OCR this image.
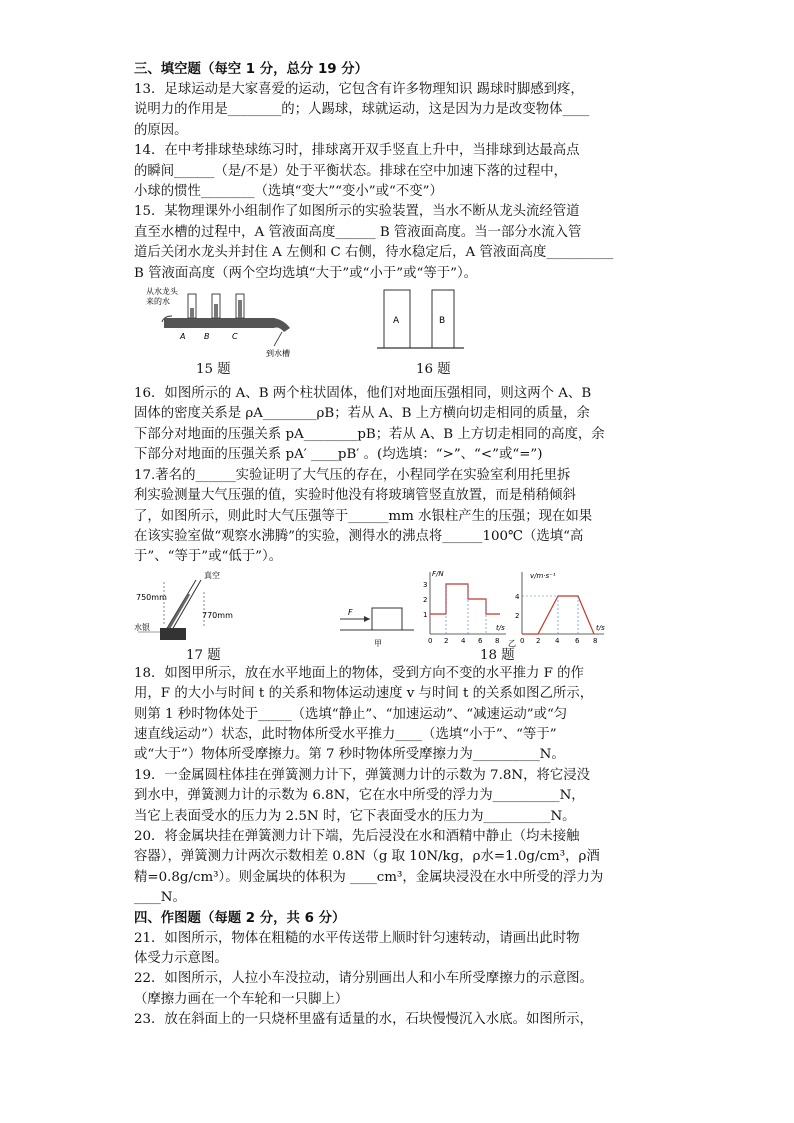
三、填空题（每空 1 分，总分 19 分）

13．足球运动是大家喜爱的运动，它包含有许多物理知识 踢球时脚感到疼，

说明力的作用是________的；人踢球，球就运动，这是因为力是改变物体____

的原因。

14．在中考排球垫球练习时，排球离开双手竖直上升中，当排球到达最高点

的瞬间______（是/不是）处于平衡状态。排球在空中加速下落的过程中，

小球的惯性________（选填“变大”“变小”或“不变”）

15．某物理课外小组制作了如图所示的实验装置，当水不断从龙头流经管道

直至水槽的过程中，A 管液面高度______ B 管液面高度。当一部分水流入管

道后关闭水龙头并封住 A 左侧和 C 右侧，待水稳定后，A 管液面高度__________

B 管液面高度（两个空均选填“大于”或“小于”或“等于”）。

从水龙头
来的水
A B	C
到水槽
A	B
15 题	16 题

16．如图所示的 A、B 两个柱状固体，他们对地面压强相同，则这两个 A、B

固体的密度关系是 ρA________ρB；若从 A、B 上方横向切走相同的质量，余

下部分对地面的压强关系 pA________pB；若从 A、B 上方切走相同的高度，余

下部分对地面的压强关系 pA′ ____pB′ 。(均选填：“>”、“<”或“=”)

17.著名的______实验证明了大气压的存在，小程同学在实验室利用托里拆

利实验测量大气压强的值，实验时他没有将玻璃管竖直放置，而是稍稍倾斜

了，如图所示，则此时大气压强等于______mm 水银柱产生的压强；现在如果

在该实验室做“观察水沸腾”的实验，测得水的沸点将______100℃（选填“高

于”、“等于”或“低于”）。

真空
750mm
770mm
水银
F
甲
F/N
t/s
1
2
3
0 2 4 6 8
v/m·s⁻¹
t/s
2
4
0 2 4 6 8
乙
17 题	18 题

18．如图甲所示，放在水平地面上的物体，受到方向不变的水平推力 F 的作

用，F 的大小与时间 t 的关系和物体运动速度 v 与时间 t 的关系如图乙所示，

则第 1 秒时物体处于_____（选填“静止”、“加速运动”、“减速运动”或“匀

速直线运动”）状态，此时物体所受水平推力____（选填“小于”、“等于”

或“大于”）物体所受摩擦力。第 7 秒时物体所受摩擦力为__________N。

19．一金属圆柱体挂在弹簧测力计下，弹簧测力计的示数为 7.8N，将它浸没

到水中，弹簧测力计的示数为 6.8N，它在水中所受的浮力为__________N，

当它上表面受水的压力为 2.5N 时，它下表面受水的压力为__________N。

20．将金属块挂在弹簧测力计下端，先后浸没在水和酒精中静止（均未接触

容器），弹簧测力计两次示数相差 0.8N（g 取 10N/kg，ρ水=1.0g/cm³，ρ酒

精=0.8g/cm³）。则金属块的体积为 ____cm³，金属块浸没在水中所受的浮力为

____N。

四、作图题（每题 2 分，共 6 分）

21．如图所示，物体在粗糙的水平传送带上顺时针匀速转动，请画出此时物

体受力示意图。

22．如图所示，人拉小车没拉动，请分别画出人和小车所受摩擦力的示意图。

（摩擦力画在一个车轮和一只脚上）

23．放在斜面上的一只烧杯里盛有适量的水，石块慢慢沉入水底。如图所示，
